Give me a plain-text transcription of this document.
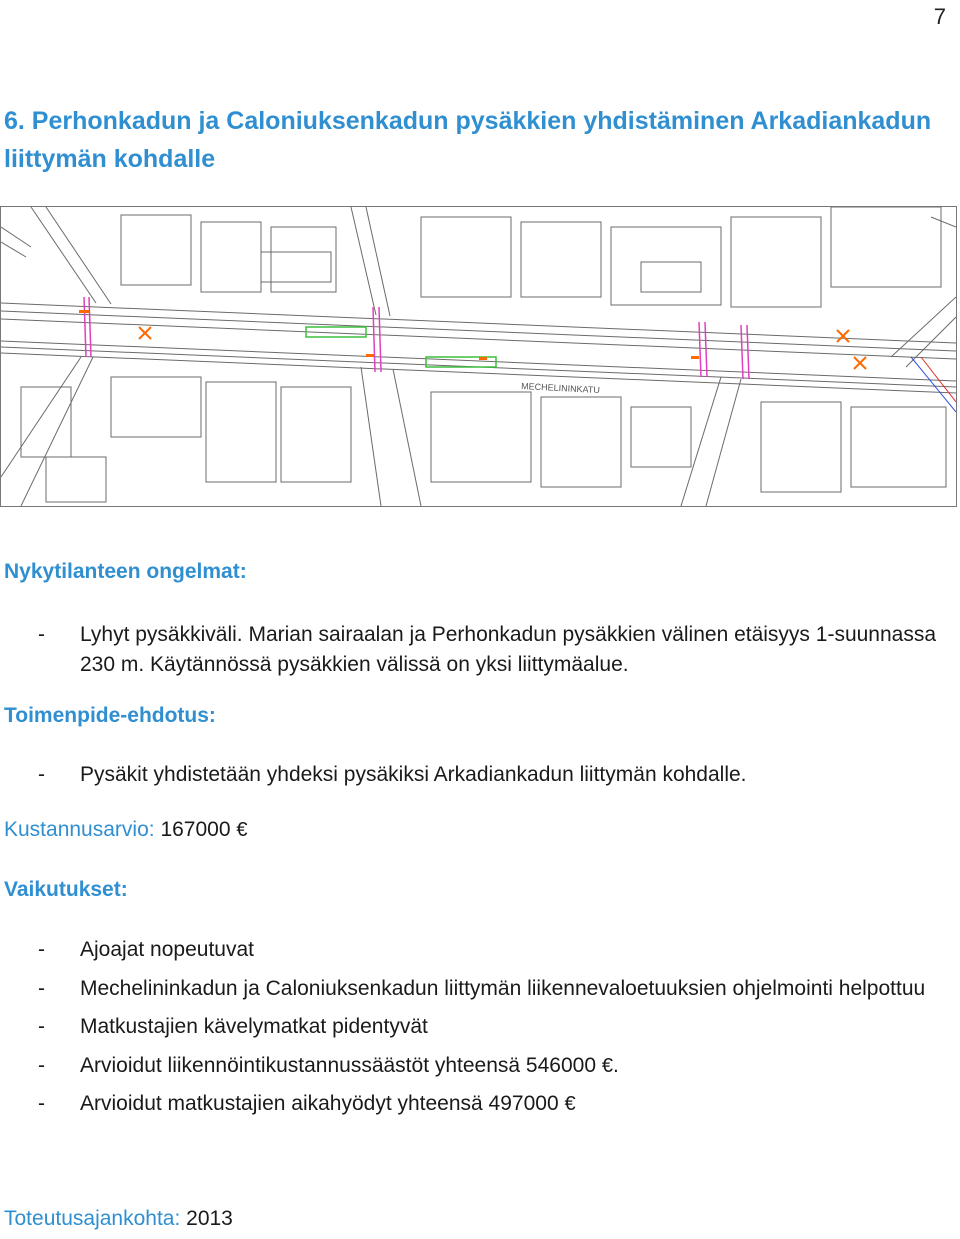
7
6. Perhonkadun ja Caloniuksenkadun pysäkkien yhdistäminen Arkadiankadun liittymän kohdalle
MECHELININKATU
Nykytilanteen ongelmat:
- Lyhyt pysäkkiväli. Marian sairaalan ja Perhonkadun pysäkkien välinen etäisyys 1-suunnassa 230 m. Käytännössä pysäkkien välissä on yksi liittymäalue.
Toimenpide-ehdotus:
- Pysäkit yhdistetään yhdeksi pysäkiksi Arkadiankadun liittymän kohdalle.
Kustannusarvio: 167000 €
Vaikutukset:
- Ajoajat nopeutuvat
- Mechelininkadun ja Caloniuksenkadun liittymän liikennevaloetuuksien ohjelmointi helpottuu
- Matkustajien kävelymatkat pidentyvät
- Arvioidut liikennöintikustannussäästöt yhteensä 546000 €.
- Arvioidut matkustajien aikahyödyt yhteensä 497000 €
Toteutusajankohta: 2013
